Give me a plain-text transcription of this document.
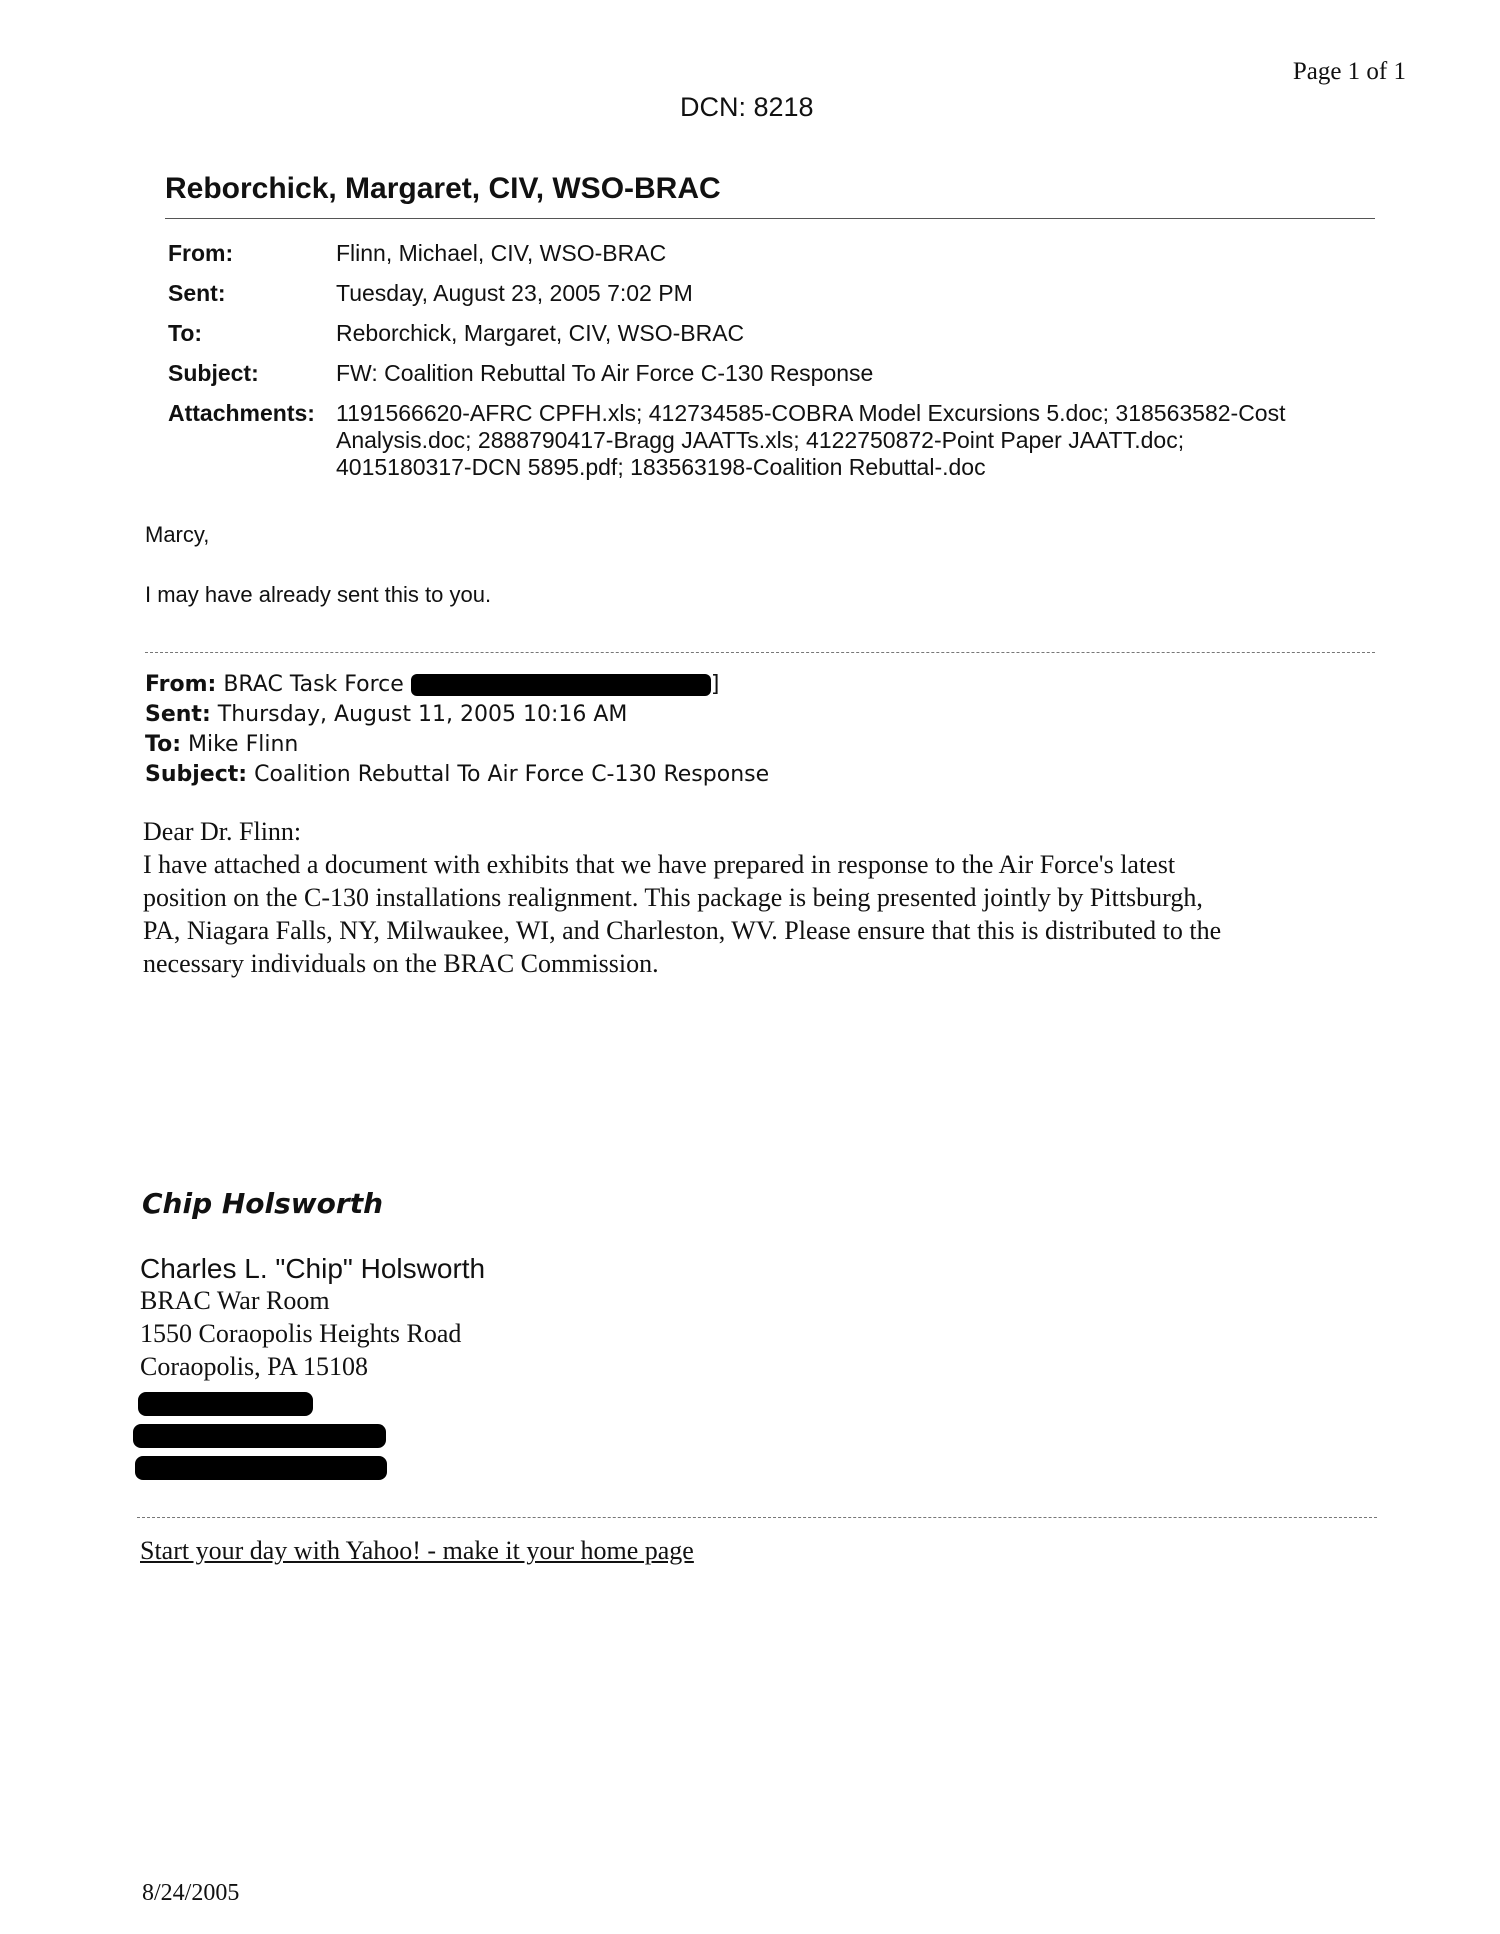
Page 1 of 1
DCN: 8218
Reborchick, Margaret, CIV, WSO-BRAC
From:	Flinn, Michael, CIV, WSO-BRAC
Sent:	Tuesday, August 23, 2005 7:02 PM
To:	Reborchick, Margaret, CIV, WSO-BRAC
Subject:	FW: Coalition Rebuttal To Air Force C-130 Response
Attachments: 1191566620-AFRC CPFH.xls; 412734585-COBRA Model Excursions 5.doc; 318563582-Cost
Analysis.doc; 2888790417-Bragg JAATTs.xls; 4122750872-Point Paper JAATT.doc;
4015180317-DCN 5895.pdf; 183563198-Coalition Rebuttal-.doc
Marcy,
I may have already sent this to you.
From: BRAC Task Force	]
Sent: Thursday, August 11, 2005 10:16 AM
To: Mike Flinn
Subject: Coalition Rebuttal To Air Force C-130 Response
Dear Dr. Flinn:
I have attached a document with exhibits that we have prepared in response to the Air Force's latest
position on the C-130 installations realignment. This package is being presented jointly by Pittsburgh,
PA, Niagara Falls, NY, Milwaukee, WI, and Charleston, WV. Please ensure that this is distributed to the
necessary individuals on the BRAC Commission.
Chip Holsworth
Charles L. "Chip" Holsworth
BRAC War Room
1550 Coraopolis Heights Road
Coraopolis, PA 15108
Start your day with Yahoo! - make it your home page
8/24/2005
